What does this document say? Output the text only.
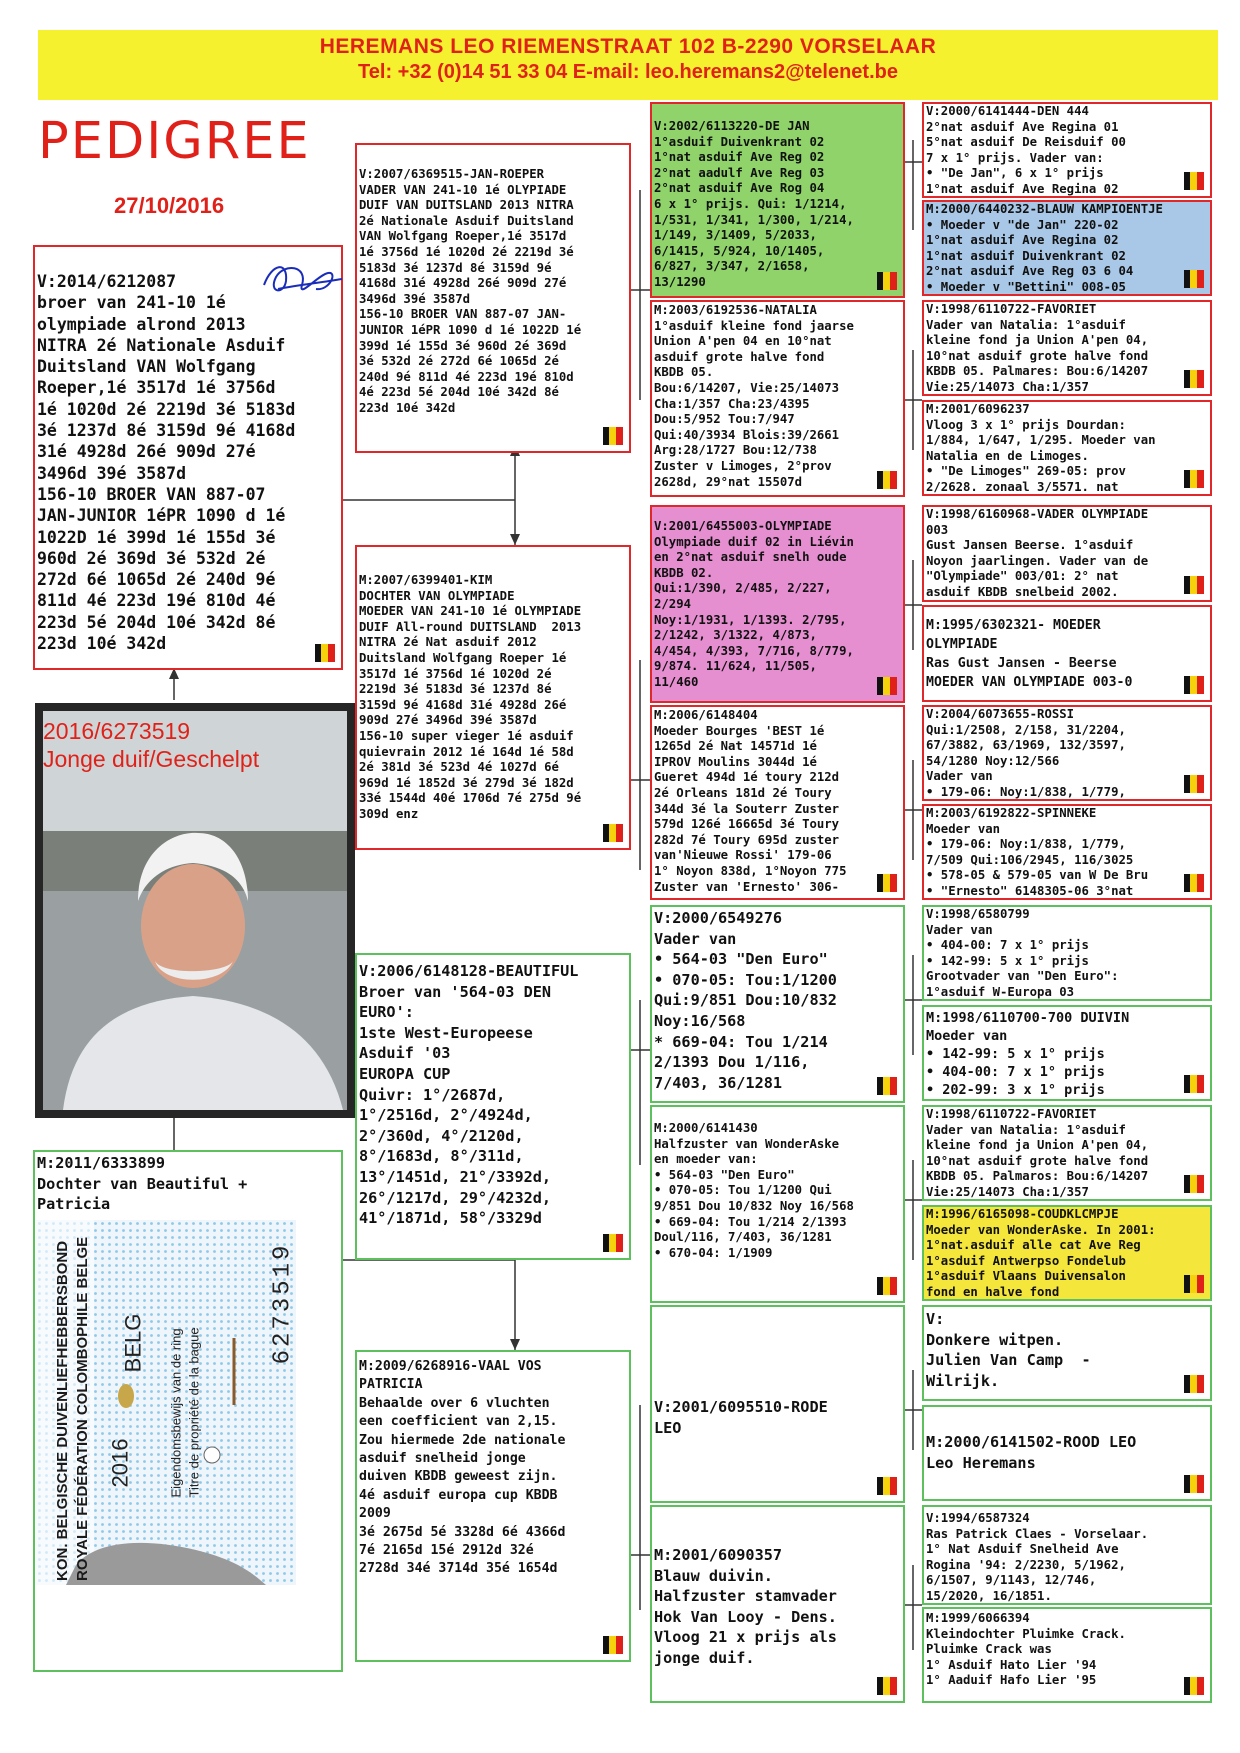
HEREMANS LEO RIEMENSTRAAT 102 B-2290 VORSELAAR
Tel: +32 (0)14 51 33 04 E-mail: leo.heremans2@telenet.be
PEDIGREE
27/10/2016
V:2014/6212087
broer van 241-10 1é
olympiade alrond 2013
NITRA 2é Nationale Asduif
Duitsland VAN Wolfgang
Roeper,1é 3517d 1é 3756d
1é 1020d 2é 2219d 3é 5183d
3é 1237d 8é 3159d 9é 4168d
31é 4928d 26é 909d 27é
3496d 39é 3587d
156-10 BROER VAN 887-07
JAN-JUNIOR 1éPR 1090 d 1é
1022D 1é 399d 1é 155d 3é
960d 2é 369d 3é 532d 2é
272d 6é 1065d 2é 240d 9é
811d 4é 223d 19é 810d 4é
223d 5é 204d 10é 342d 8é
223d 10é 342d
2016/6273519
Jonge duif/Geschelpt
M:2011/6333899
Dochter van Beautiful +
Patricia
KON. BELGISCHE DUIVENLIEFHEBBERSBOND ROYALE FÉDÉRATION COLOMBOPHILE BELGE 2016
BELG Eigendomsbewijs van de ring Titre de propriété de la bague
6273519
V:2007/6369515-JAN-ROEPER
VADER VAN 241-10 1é OLYPIADE
DUIF VAN DUITSLAND 2013 NITRA
2é Nationale Asduif Duitsland
VAN Wolfgang Roeper,1é 3517d
1é 3756d 1é 1020d 2é 2219d 3é
5183d 3é 1237d 8é 3159d 9é
4168d 31é 4928d 26é 909d 27é
3496d 39é 3587d
156-10 BROER VAN 887-07 JAN-
JUNIOR 1éPR 1090 d 1é 1022D 1é
399d 1é 155d 3é 960d 2é 369d
3é 532d 2é 272d 6é 1065d 2é
240d 9é 811d 4é 223d 19é 810d
4é 223d 5é 204d 10é 342d 8é
223d 10é 342d
M:2007/6399401-KIM
DOCHTER VAN OLYMPIADE
MOEDER VAN 241-10 1é OLYMPIADE
DUIF All-round DUITSLAND  2013
NITRA 2é Nat asduif 2012
Duitsland Wolfgang Roeper 1é
3517d 1é 3756d 1é 1020d 2é
2219d 3é 5183d 3é 1237d 8é
3159d 9é 4168d 31é 4928d 26é
909d 27é 3496d 39é 3587d
156-10 super vieger 1é asduif
quievrain 2012 1é 164d 1é 58d
2é 381d 3é 523d 4é 1027d 6é
969d 1é 1852d 3é 279d 3é 182d
33é 1544d 40é 1706d 7é 275d 9é
309d enz
V:2006/6148128-BEAUTIFUL
Broer van '564-03 DEN
EURO':
1ste West-Europeese
Asduif '03
EUROPA CUP
Quivr: 1°/2687d,
1°/2516d, 2°/4924d,
2°/360d, 4°/2120d,
8°/1683d, 8°/311d,
13°/1451d, 21°/3392d,
26°/1217d, 29°/4232d,
41°/1871d, 58°/3329d
M:2009/6268916-VAAL VOS
PATRICIA
Behaalde over 6 vluchten
een coefficient van 2,15.
Zou hiermede 2de nationale
asduif snelheid jonge
duiven KBDB geweest zijn.
4é asduif europa cup KBDB
2009
3é 2675d 5é 3328d 6é 4366d
7é 2165d 15é 2912d 32é
2728d 34é 3714d 35é 1654d
V:2002/6113220-DE JAN
1°asduif Duivenkrant 02
1°nat asduif Ave Reg 02
2°nat aadulf Ave Reg 03
2°nat asduif Ave Rog 04
6 x 1° prijs. Qui: 1/1214,
1/531, 1/341, 1/300, 1/214,
1/149, 3/1409, 5/2033,
6/1415, 5/924, 10/1405,
6/827, 3/347, 2/1658,
13/1290
M:2003/6192536-NATALIA
1°asduif kleine fond jaarse
Union A'pen 04 en 10°nat
asduif grote halve fond
KBDB 05.
Bou:6/14207, Vie:25/14073
Cha:1/357 Cha:23/4395
Dou:5/952 Tou:7/947
Qui:40/3934 Blois:39/2661
Arg:28/1727 Bou:12/738
Zuster v Limoges, 2°prov
2628d, 29°nat 15507d
V:2001/6455003-OLYMPIADE
Olympiade duif 02 in Liévin
en 2°nat asduif snelh oude
KBDB 02.
Qui:1/390, 2/485, 2/227,
2/294
Noy:1/1931, 1/1393. 2/795,
2/1242, 3/1322, 4/873,
4/454, 4/393, 7/716, 8/779,
9/874. 11/624, 11/505,
11/460
M:2006/6148404
Moeder Bourges 'BEST 1é
1265d 2é Nat 14571d 1é
IPROV Moulins 3044d 1é
Gueret 494d 1é toury 212d
2é Orleans 181d 2é Toury
344d 3é la Souterr Zuster
579d 126é 16665d 3é Toury
282d 7é Toury 695d zuster
van'Nieuwe Rossi' 179-06
1° Noyon 838d, 1°Noyon 775
Zuster van 'Ernesto' 306-
V:2000/6549276
Vader van
• 564-03 "Den Euro"
• 070-05: Tou:1/1200
Qui:9/851 Dou:10/832
Noy:16/568
* 669-04: Tou 1/214
2/1393 Dou 1/116,
7/403, 36/1281
M:2000/6141430
Halfzuster van WonderAske
en moeder van:
• 564-03 "Den Euro"
• 070-05: Tou 1/1200 Qui
9/851 Dou 10/832 Noy 16/568
• 669-04: Tou 1/214 2/1393
Doul/116, 7/403, 36/1281
• 670-04: 1/1909
V:2001/6095510-RODE
LEO
M:2001/6090357
Blauw duivin.
Halfzuster stamvader
Hok Van Looy - Dens.
Vloog 21 x prijs als
jonge duif.
V:2000/6141444-DEN 444
2°nat asduif Ave Regina 01
5°nat asduif De Reisduif 00
7 x 1° prijs. Vader van:
• "De Jan", 6 x 1° prijs
1°nat asduif Ave Regina 02
M:2000/6440232-BLAUW KAMPIOENTJE
• Moeder v "de Jan" 220-02
1°nat asduif Ave Regina 02
1°nat asduif Duivenkrant 02
2°nat asduif Ave Reg 03 6 04
• Moeder v "Bettini" 008-05
V:1998/6110722-FAVORIET
Vader van Natalia: 1°asduif
kleine fond ja Union A'pen 04,
10°nat asduif grote halve fond
KBDB 05. Palmares: Bou:6/14207
Vie:25/14073 Cha:1/357
M:2001/6096237
Vloog 3 x 1° prijs Dourdan:
1/884, 1/647, 1/295. Moeder van
Natalia en de Limoges.
• "De Limoges" 269-05: prov
2/2628. zonaal 3/5571. nat
V:1998/6160968-VADER OLYMPIADE
003
Gust Jansen Beerse. 1°asduif
Noyon jaarlingen. Vader van de
"Olympiade" 003/01: 2° nat
asduif KBDB snelbeid 2002.
M:1995/6302321- MOEDER
OLYMPIADE
Ras Gust Jansen - Beerse
MOEDER VAN OLYMPIADE 003-0
V:2004/6073655-ROSSI
Qui:1/2508, 2/158, 31/2204,
67/3882, 63/1969, 132/3597,
54/1280 Noy:12/566
Vader van
• 179-06: Noy:1/838, 1/779,
M:2003/6192822-SPINNEKE
Moeder van
• 179-06: Noy:1/838, 1/779,
7/509 Qui:106/2945, 116/3025
• 578-05 & 579-05 van W De Bru
• "Ernesto" 6148305-06 3°nat
V:1998/6580799
Vader van
• 404-00: 7 x 1° prijs
• 142-99: 5 x 1° prijs
Grootvader van "Den Euro":
1°asduif W-Europa 03
M:1998/6110700-700 DUIVIN
Moeder van
• 142-99: 5 x 1° prijs
• 404-00: 7 x 1° prijs
• 202-99: 3 x 1° prijs
V:1998/6110722-FAVORIET
Vader van Natalia: 1°asduif
kleine fond ja Union A'pen 04,
10°nat asduif grote halve fond
KBDB 05. Palmaros: Bou:6/14207
Vie:25/14073 Cha:1/357
M:1996/6165098-COUDKLCMPJE
Moeder van WonderAske. In 2001:
1°nat.asduif alle cat Ave Reg
1°asduif Antwerpso Fondelub
1°asduif Vlaans Duivensalon
fond en halve fond
V:
Donkere witpen.
Julien Van Camp  -
Wilrijk.
M:2000/6141502-ROOD LEO
Leo Heremans
V:1994/6587324
Ras Patrick Claes - Vorselaar.
1° Nat Asduif Snelheid Ave
Rogina '94: 2/2230, 5/1962,
6/1507, 9/1143, 12/746,
15/2020, 16/1851.
M:1999/6066394
Kleindochter Pluimke Crack.
Pluimke Crack was
1° Asduif Hato Lier '94
1° Aaduif Hafo Lier '95
